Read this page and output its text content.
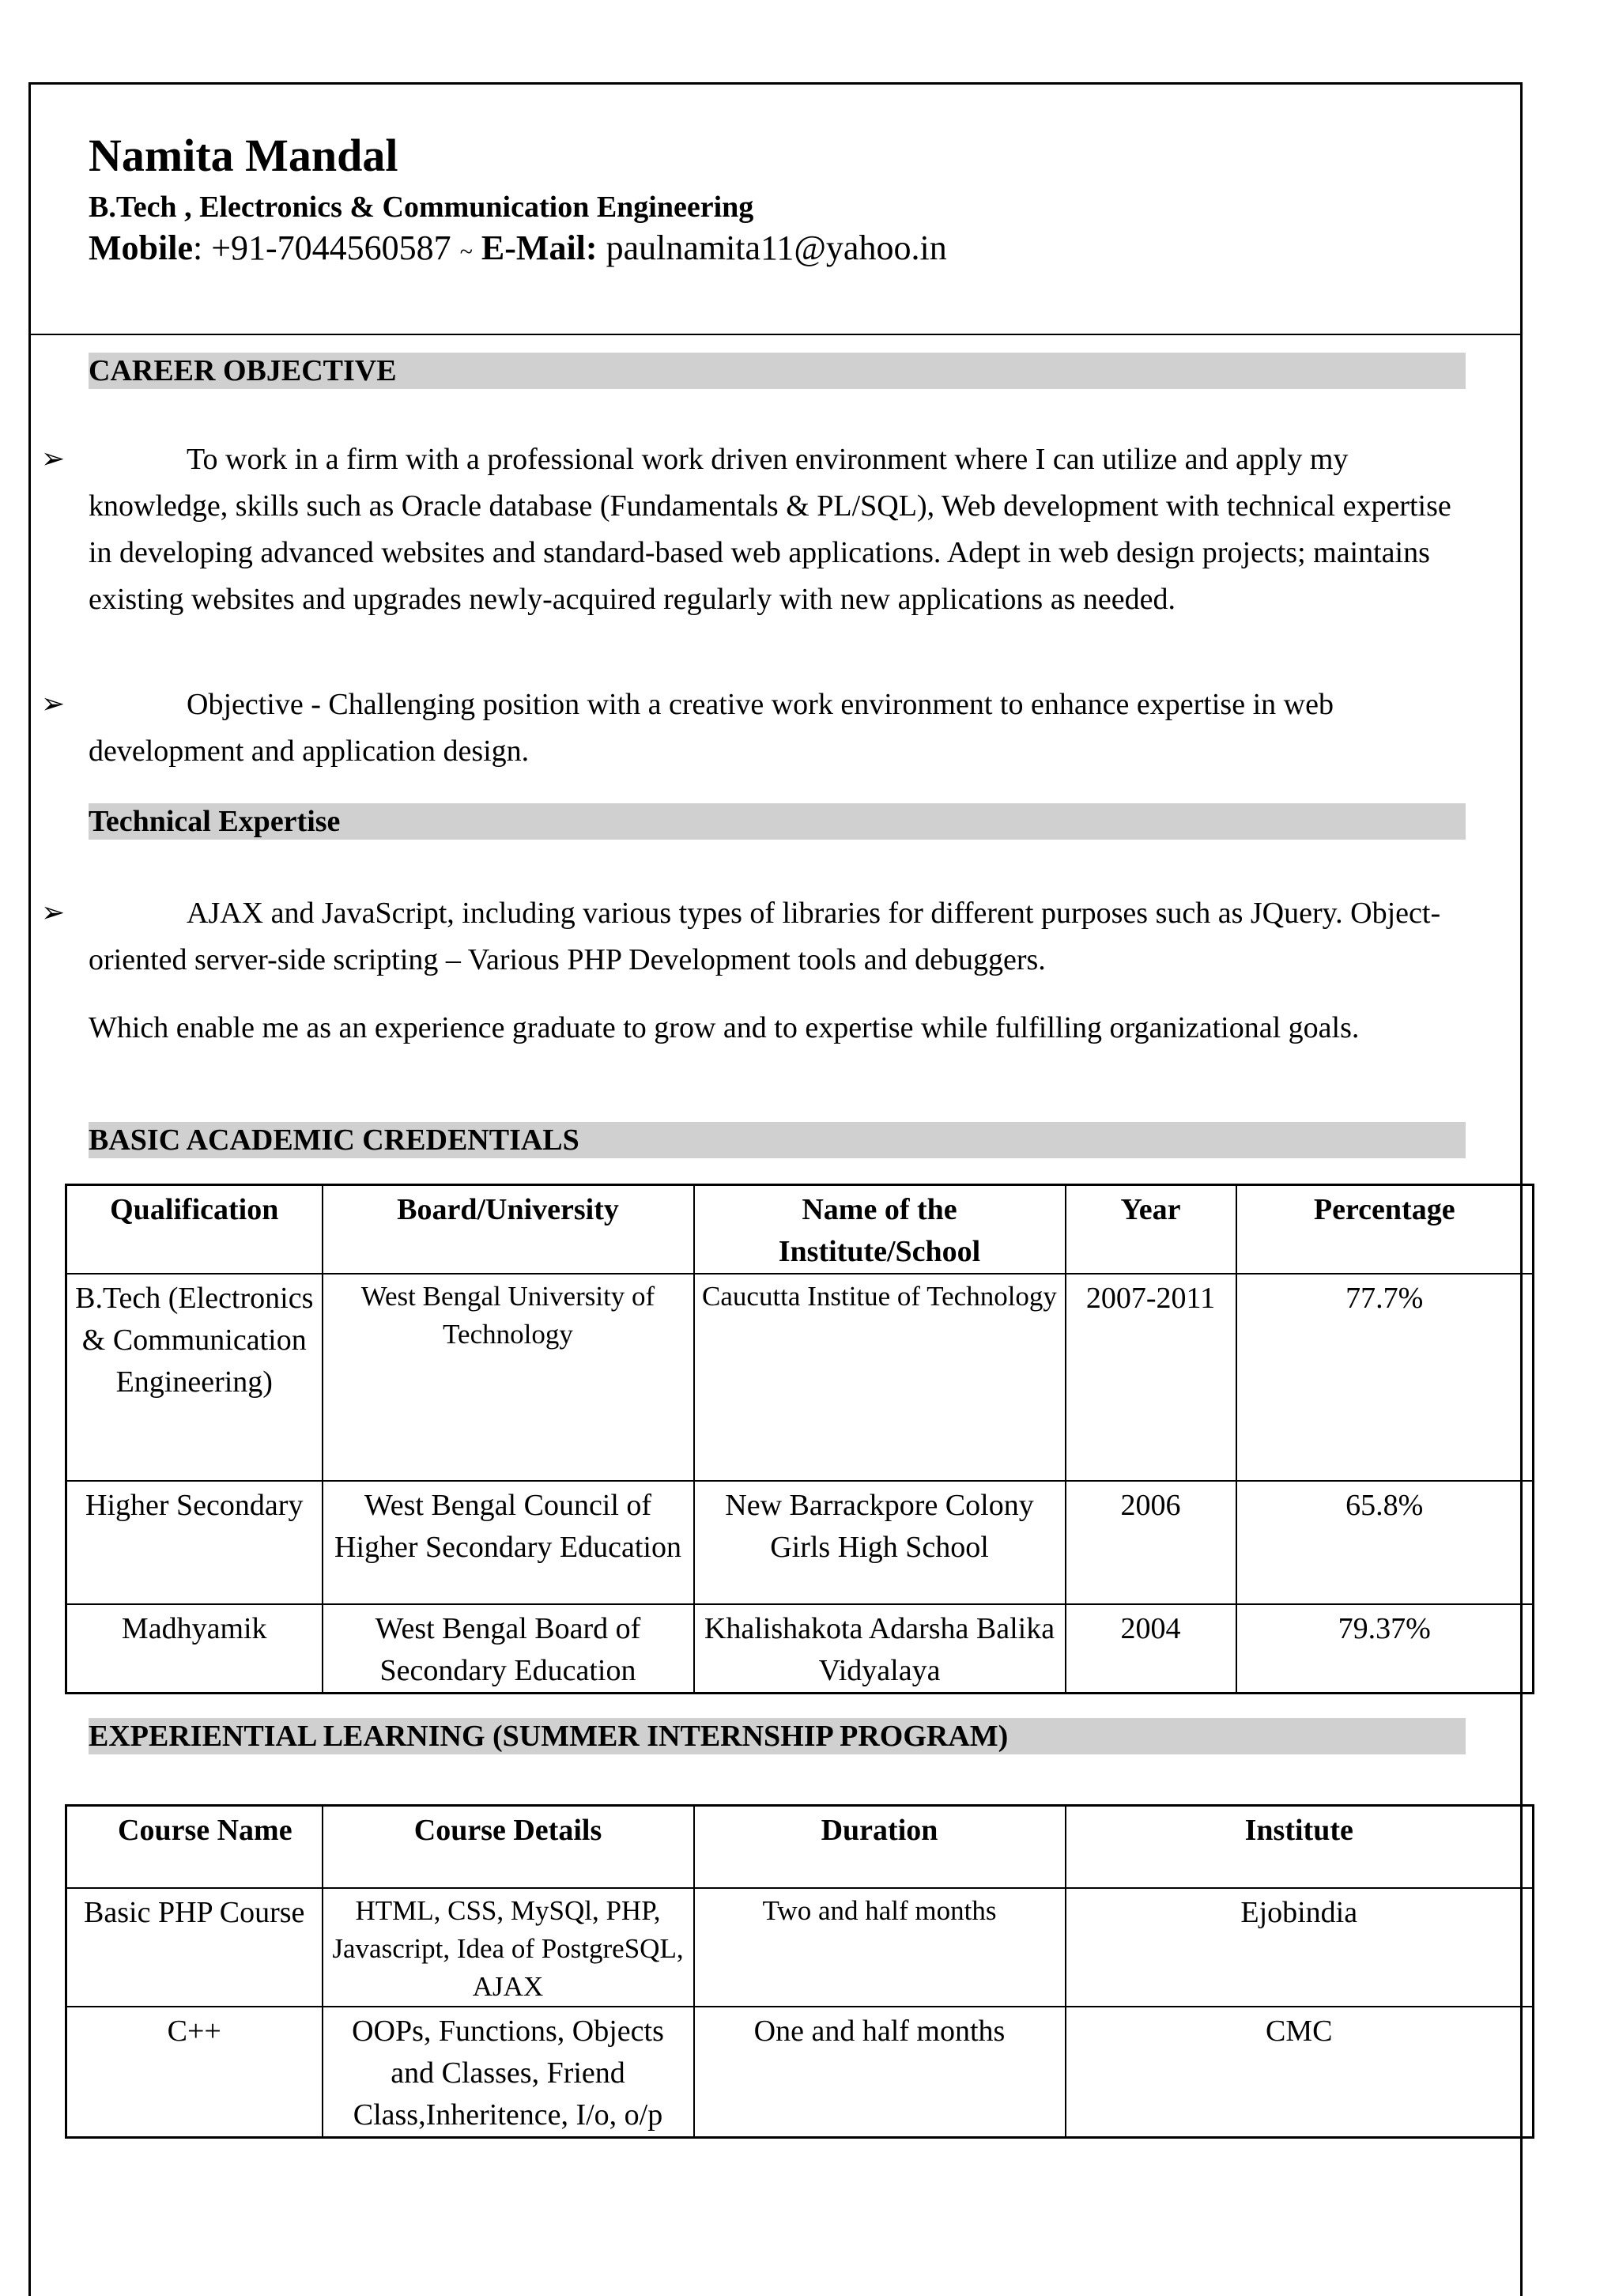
Namita Mandal
B.Tech , Electronics & Communication Engineering
Mobile: +91-7044560587 ~ E-Mail: paulnamita11@yahoo.in
CAREER OBJECTIVE
➢	To work in a firm with a professional work driven environment where I can utilize and apply my knowledge, skills such as Oracle database (Fundamentals & PL/SQL), Web development with technical expertise in developing advanced websites and standard-based web applications. Adept in web design projects; maintains existing websites and upgrades newly-acquired regularly with new applications as needed.

➢	Objective - Challenging position with a creative work environment to enhance expertise in web development and application design.

Technical Expertise
➢	AJAX and JavaScript, including various types of libraries for different purposes such as JQuery. Object-oriented server-side scripting – Various PHP Development tools and debuggers.

Which enable me as an experience graduate to grow and to expertise while fulfilling organizational goals.

BASIC ACADEMIC CREDENTIALS
Qualification	Board/University	Name of the Institute/School	Year	Percentage
B.Tech (Electronics & Communication Engineering)	West Bengal University of Technology	Caucutta Institue of Technology	2007-2011	77.7%
Higher Secondary	West Bengal Council of Higher Secondary Education	New Barrackpore Colony Girls High School	2006	65.8%
Madhyamik	West Bengal Board of Secondary Education	Khalishakota Adarsha Balika Vidyalaya	2004	79.37%
EXPERIENTIAL LEARNING (SUMMER INTERNSHIP PROGRAM)
Course Name	Course Details	Duration	Institute
Basic PHP Course	HTML, CSS, MySQl, PHP, Javascript, Idea of PostgreSQL, AJAX	Two and half months	Ejobindia
C++	OOPs, Functions, Objects and Classes, Friend Class,Inheritence, I/o, o/p	One and half months	CMC
